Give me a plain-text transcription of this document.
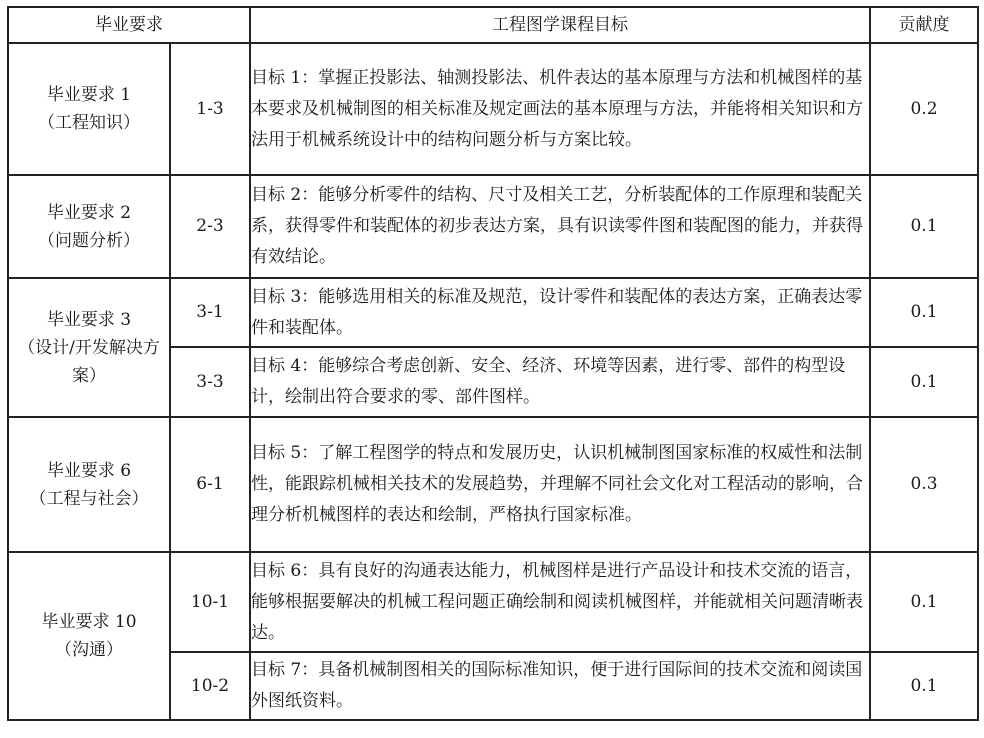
毕业要求		工程图学课程目标	贡献度

毕业要求 1
（工程知识）	1-3	目标 1：掌握正投影法、轴测投影法、机件表达的基本原理与方法和机械图样的基本要求及机械制图的相关标准及规定画法的基本原理与方法，并能将相关知识和方法用于机械系统设计中的结构问题分析与方案比较。	0.2

毕业要求 2
（问题分析）	2-3	目标 2：能够分析零件的结构、尺寸及相关工艺，分析装配体的工作原理和装配关系，获得零件和装配体的初步表达方案，具有识读零件图和装配图的能力，并获得有效结论。	0.1

毕业要求 3
（设计/开发解决方案）	3-1	目标 3：能够选用相关的标准及规范，设计零件和装配体的表达方案，正确表达零件和装配体。	0.1
	3-3	目标 4：能够综合考虑创新、安全、经济、环境等因素，进行零、部件的构型设计，绘制出符合要求的零、部件图样。	0.1

毕业要求 6
（工程与社会）	6-1	目标 5：了解工程图学的特点和发展历史，认识机械制图国家标准的权威性和法制性，能跟踪机械相关技术的发展趋势，并理解不同社会文化对工程活动的影响，合理分析机械图样的表达和绘制，严格执行国家标准。	0.3

毕业要求 10
（沟通）	10-1	目标 6：具有良好的沟通表达能力，机械图样是进行产品设计和技术交流的语言，能够根据要解决的机械工程问题正确绘制和阅读机械图样，并能就相关问题清晰表达。	0.1
	10-2	目标 7：具备机械制图相关的国际标准知识，便于进行国际间的技术交流和阅读国外图纸资料。	0.1
